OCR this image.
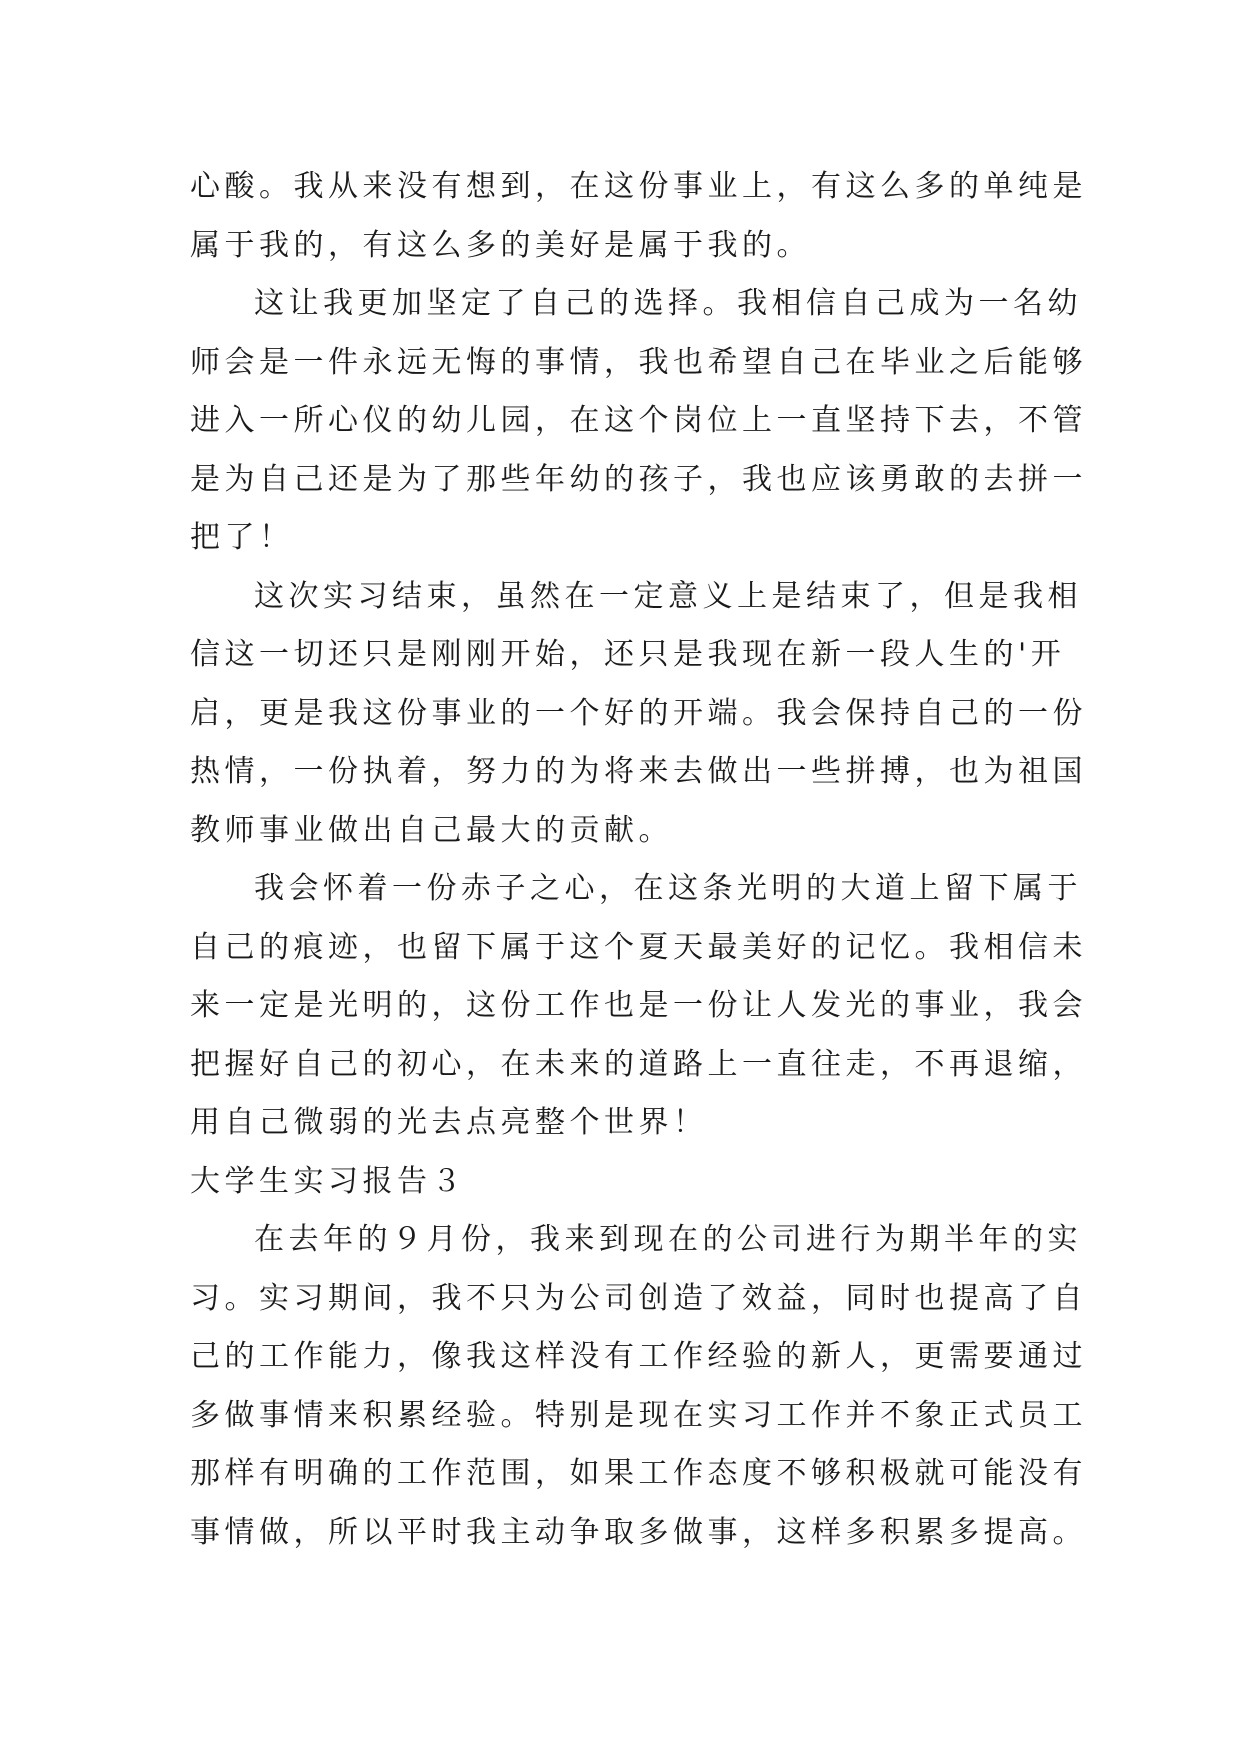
心酸。我从来没有想到，在这份事业上，有这么多的单纯是
属于我的，有这么多的美好是属于我的。
这让我更加坚定了自己的选择。我相信自己成为一名幼
师会是一件永远无悔的事情，我也希望自己在毕业之后能够
进入一所心仪的幼儿园，在这个岗位上一直坚持下去，不管
是为自己还是为了那些年幼的孩子，我也应该勇敢的去拼一
把了！
这次实习结束，虽然在一定意义上是结束了，但是我相
信这一切还只是刚刚开始，还只是我现在新一段人生的'开
启，更是我这份事业的一个好的开端。我会保持自己的一份
热情，一份执着，努力的为将来去做出一些拼搏，也为祖国
教师事业做出自己最大的贡献。
我会怀着一份赤子之心，在这条光明的大道上留下属于
自己的痕迹，也留下属于这个夏天最美好的记忆。我相信未
来一定是光明的，这份工作也是一份让人发光的事业，我会
把握好自己的初心，在未来的道路上一直往走，不再退缩，
用自己微弱的光去点亮整个世界！
大学生实习报告３
在去年的９月份，我来到现在的公司进行为期半年的实
习。实习期间，我不只为公司创造了效益，同时也提高了自
己的工作能力，像我这样没有工作经验的新人，更需要通过
多做事情来积累经验。特别是现在实习工作并不象正式员工
那样有明确的工作范围，如果工作态度不够积极就可能没有
事情做，所以平时我主动争取多做事，这样多积累多提高。
